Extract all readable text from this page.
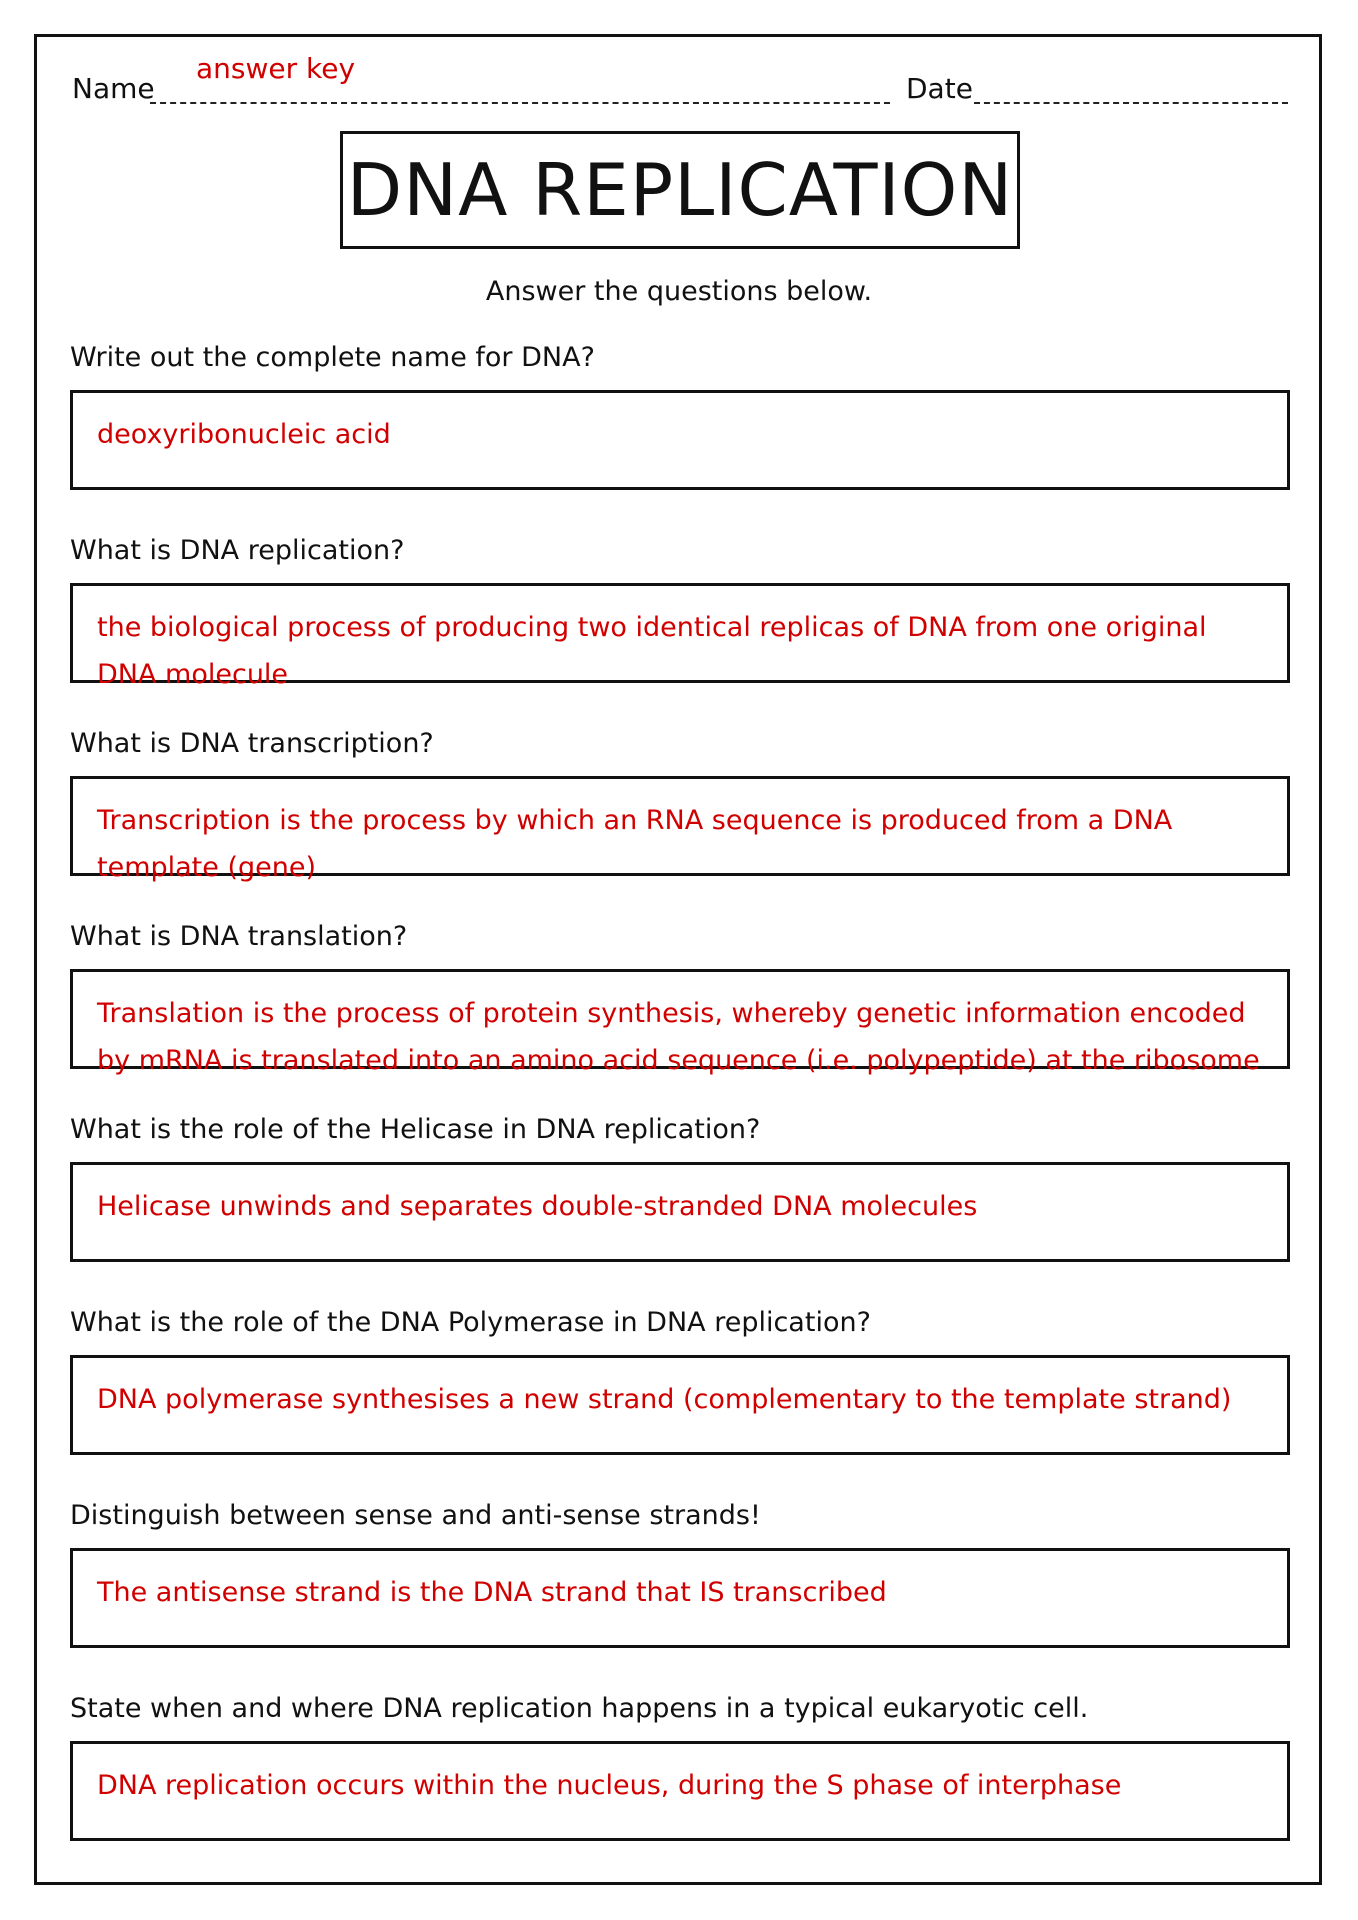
Name
answer key
Date
DNA REPLICATION
Answer the questions below.
Write out the complete name for DNA?
deoxyribonucleic acid
What is DNA replication?
the biological process of producing two identical replicas of DNA from one original DNA molecule
What is DNA transcription?
Transcription is the process by which an RNA sequence is produced from a DNA template (gene)
What is DNA translation?
Translation is the process of protein synthesis, whereby genetic information encoded by mRNA is translated into an amino acid sequence (i.e. polypeptide) at the ribosome
What is the role of the Helicase in DNA replication?
Helicase unwinds and separates double-stranded DNA molecules
What is the role of the DNA Polymerase in DNA replication?
DNA polymerase synthesises a new strand (complementary to the template strand)
Distinguish between sense and anti-sense strands!
The antisense strand is the DNA strand that IS transcribed
State when and where DNA replication happens in a typical eukaryotic cell.
DNA replication occurs within the nucleus, during the S phase of interphase
